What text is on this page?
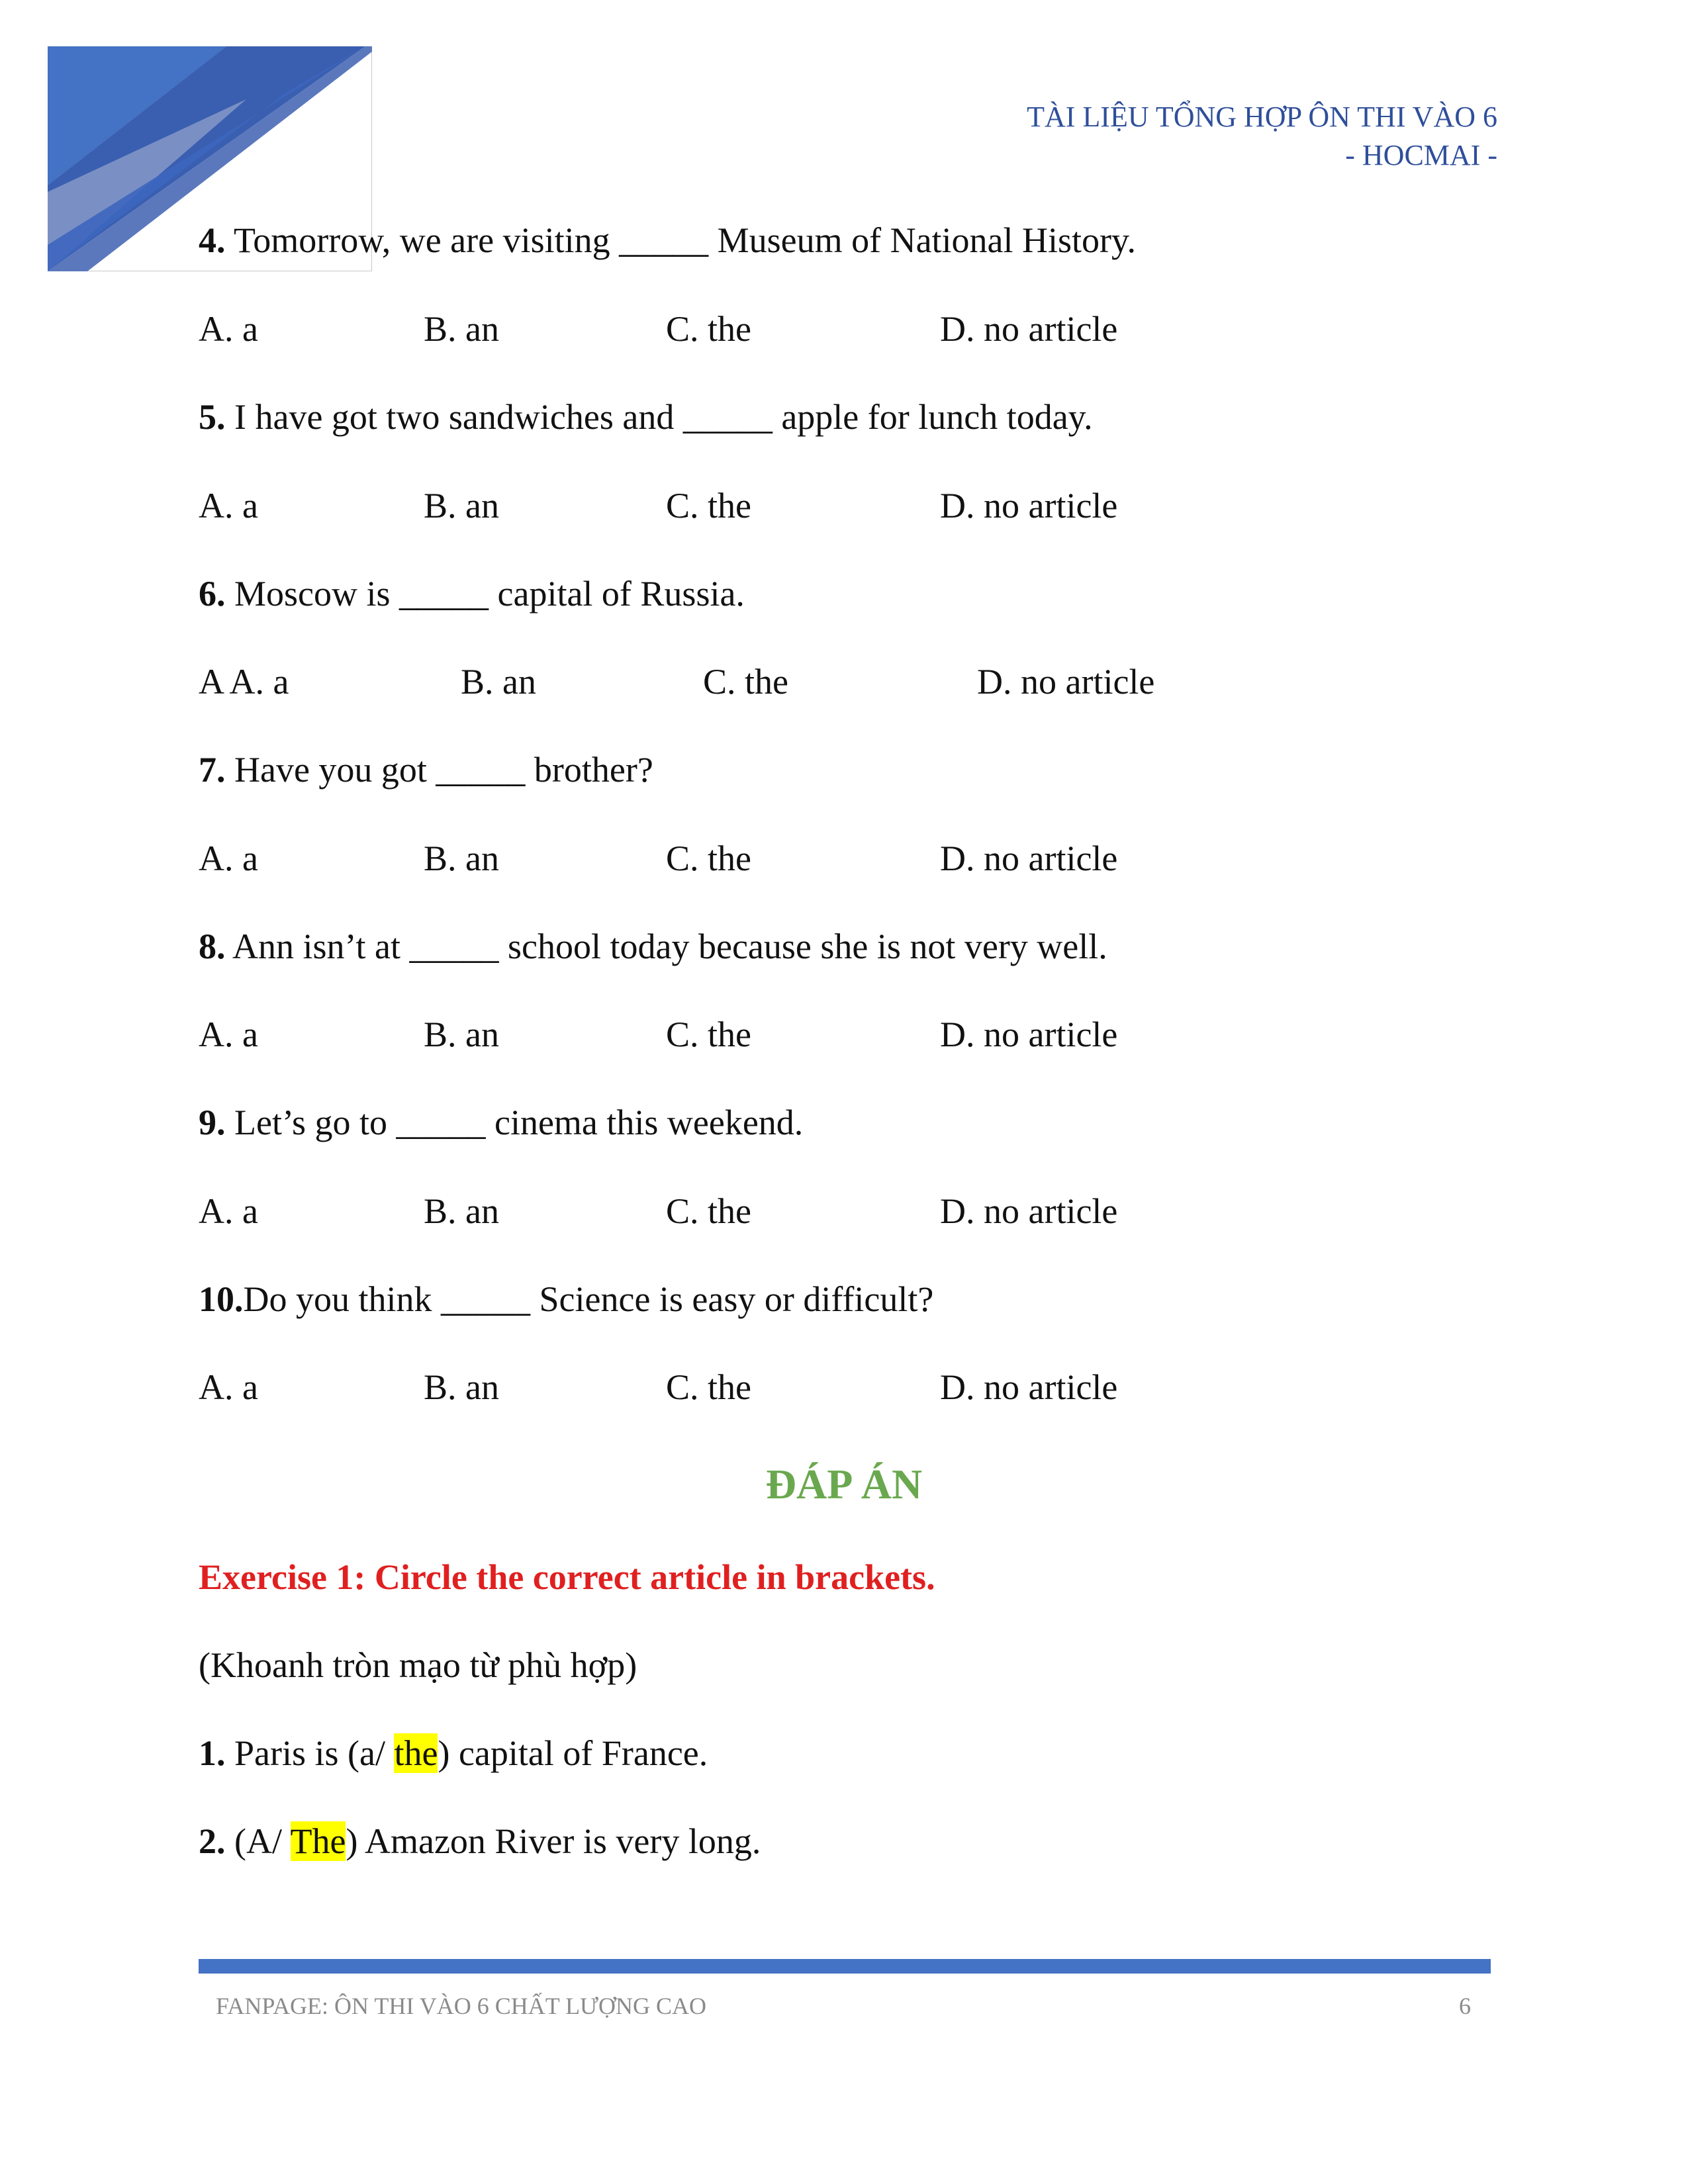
TÀI LIỆU TỔNG HỢP ÔN THI VÀO 6
- HOCMAI -
4. Tomorrow, we are visiting _____ Museum of National History.
A. a	B. an	C. the	D. no article
5. I have got two sandwiches and _____ apple for lunch today.
A. a	B. an	C. the	D. no article
6. Moscow is _____ capital of Russia.
A A. a	B. an	C. the	D. no article
7. Have you got _____ brother?
A. a	B. an	C. the	D. no article
8. Ann isn’t at _____ school today because she is not very well.
A. a	B. an	C. the	D. no article
9. Let’s go to _____ cinema this weekend.
A. a	B. an	C. the	D. no article
10.Do you think _____ Science is easy or difficult?
A. a	B. an	C. the	D. no article
ĐÁP ÁN
Exercise 1: Circle the correct article in brackets.
(Khoanh tròn mạo từ phù hợp)
1. Paris is (a/ the) capital of France.
2. (A/ The) Amazon River is very long.
FANPAGE: ÔN THI VÀO 6 CHẤT LƯỢNG CAO	6
